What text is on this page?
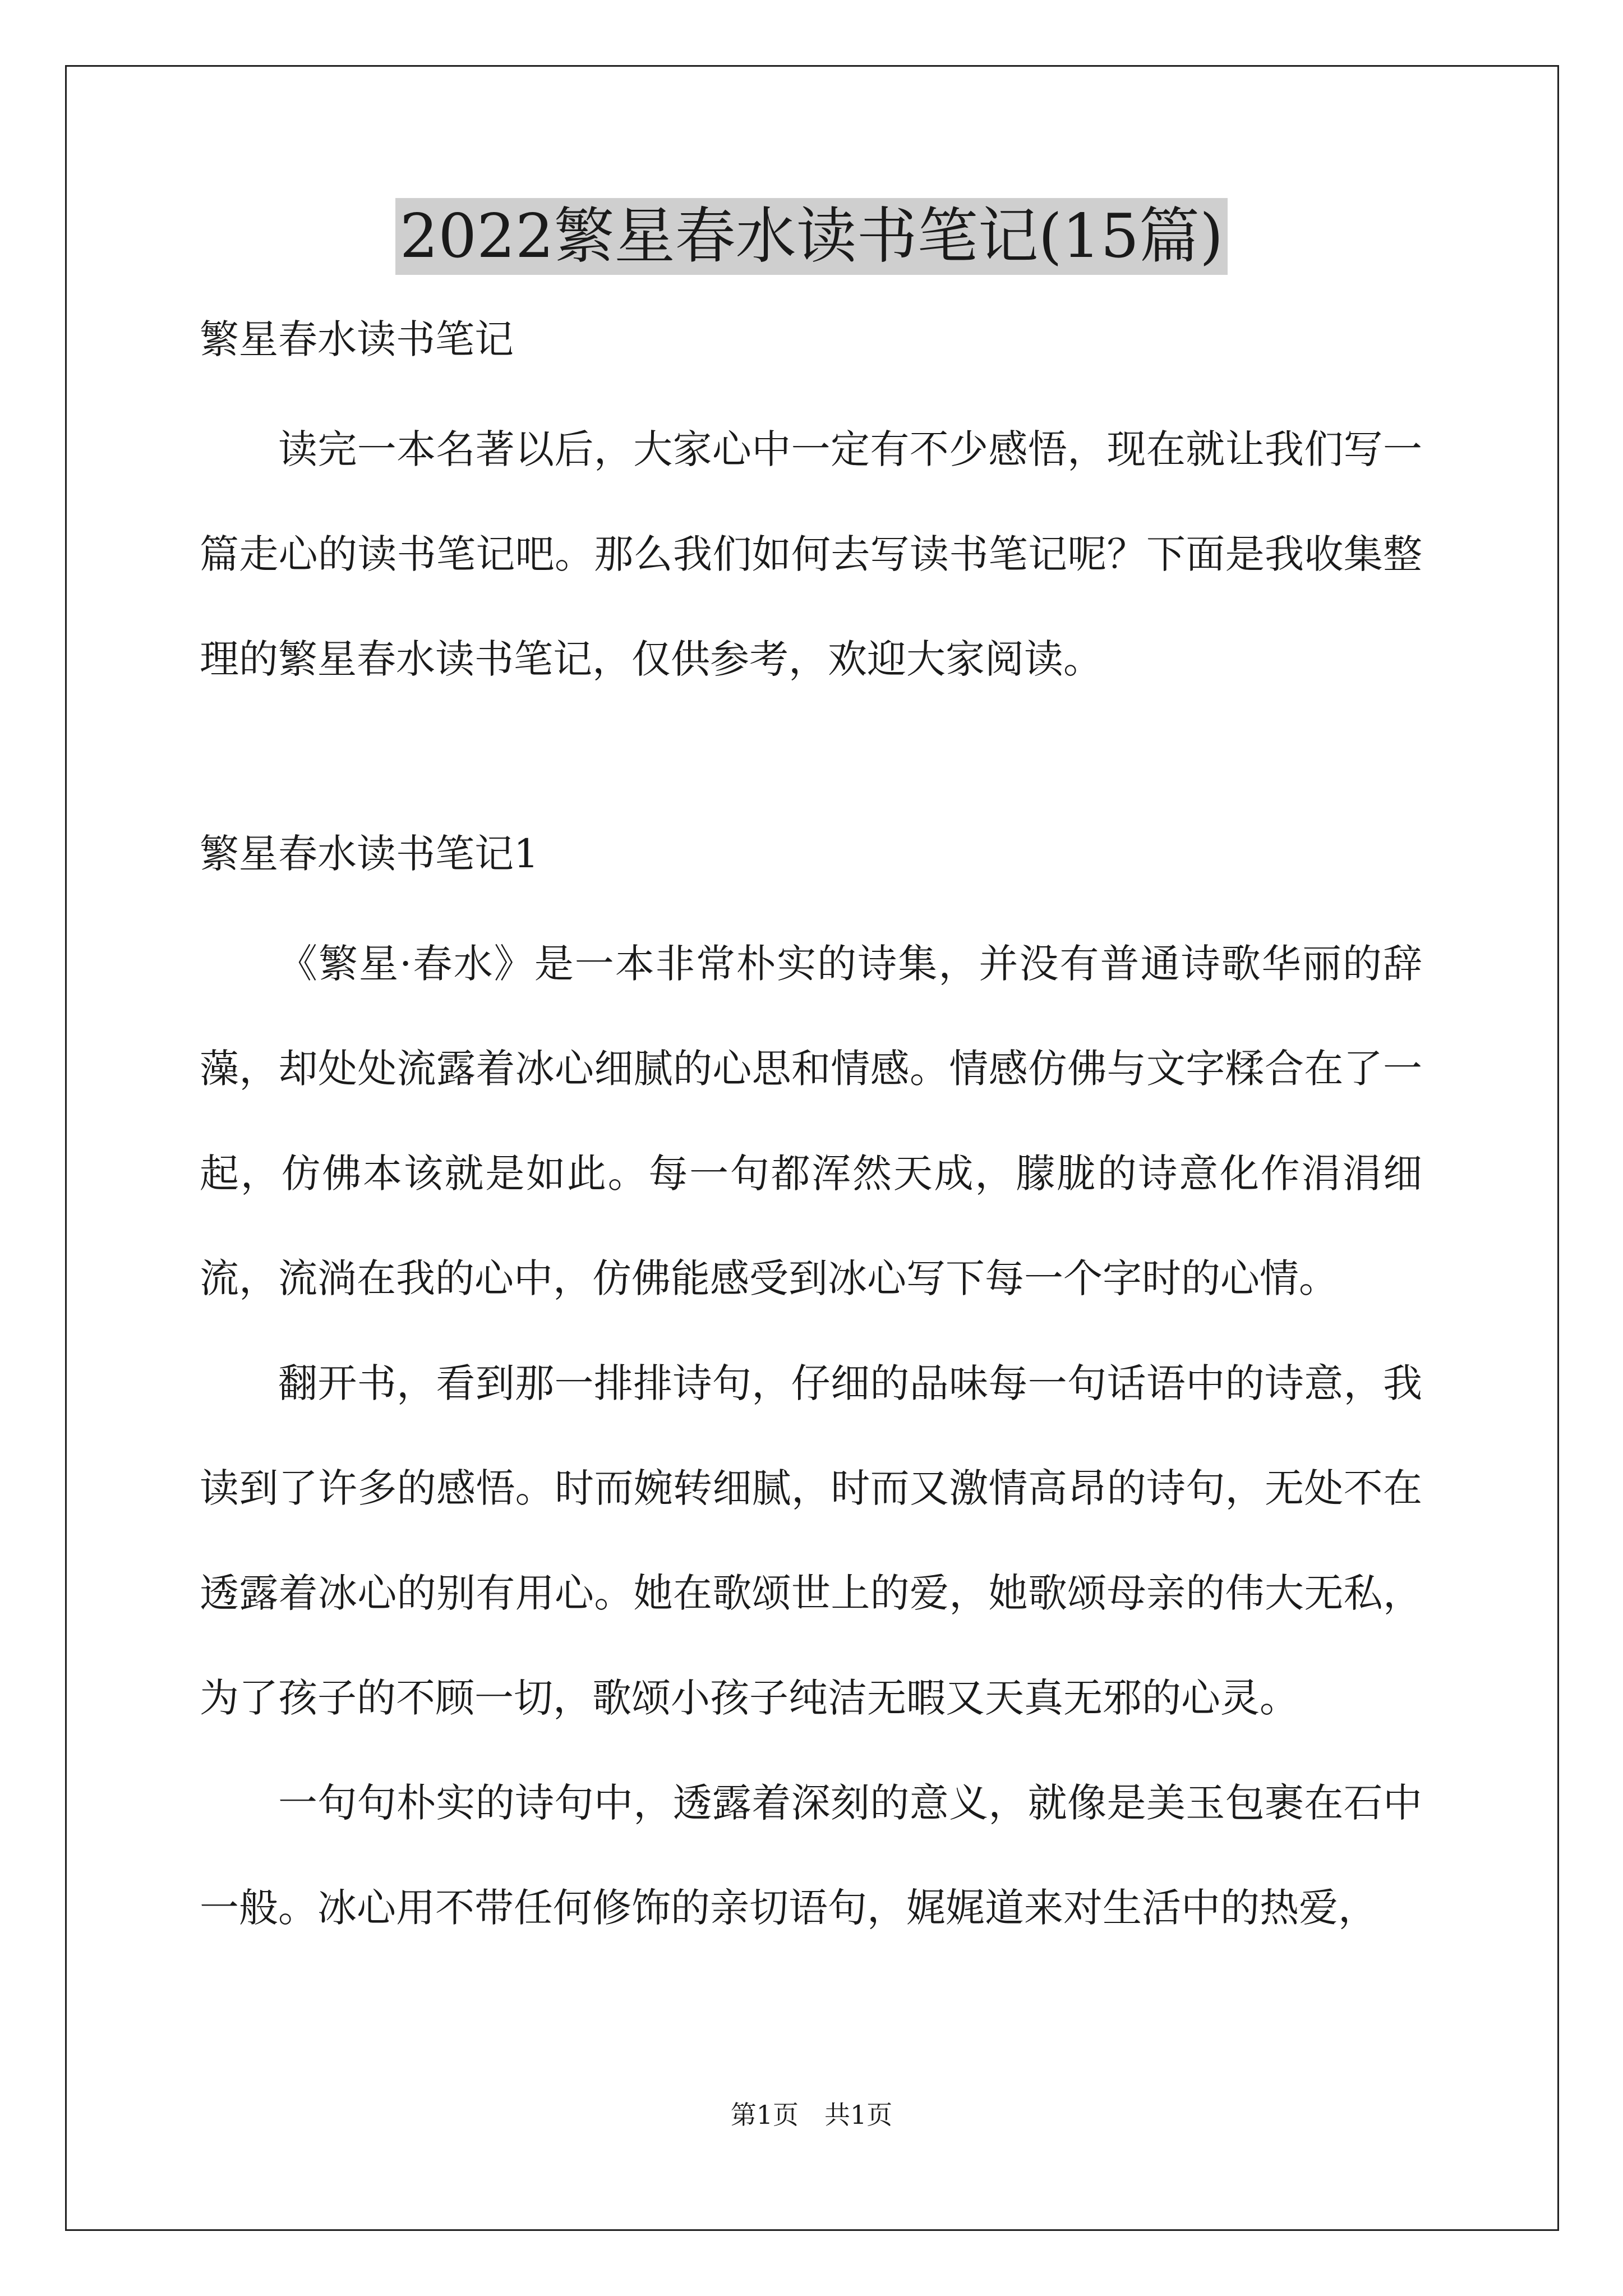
2022繁星春水读书笔记(15篇)
繁星春水读书笔记

读完一本名著以后，大家心中一定有不少感悟，现在就让我们写一篇走心的读书笔记吧。那么我们如何去写读书笔记呢？下面是我收集整理的繁星春水读书笔记，仅供参考，欢迎大家阅读。

繁星春水读书笔记1

《繁星·春水》是一本非常朴实的诗集，并没有普通诗歌华丽的辞藻，却处处流露着冰心细腻的心思和情感。情感仿佛与文字糅合在了一起，仿佛本该就是如此。每一句都浑然天成，朦胧的诗意化作涓涓细流，流淌在我的心中，仿佛能感受到冰心写下每一个字时的心情。

翻开书，看到那一排排诗句，仔细的品味每一句话语中的诗意，我读到了许多的感悟。时而婉转细腻，时而又激情高昂的诗句，无处不在透露着冰心的别有用心。她在歌颂世上的爱，她歌颂母亲的伟大无私，为了孩子的不顾一切，歌颂小孩子纯洁无暇又天真无邪的心灵。

一句句朴实的诗句中，透露着深刻的意义，就像是美玉包裹在石中一般。冰心用不带任何修饰的亲切语句，娓娓道来对生活中的热爱，

第1页　共1页
